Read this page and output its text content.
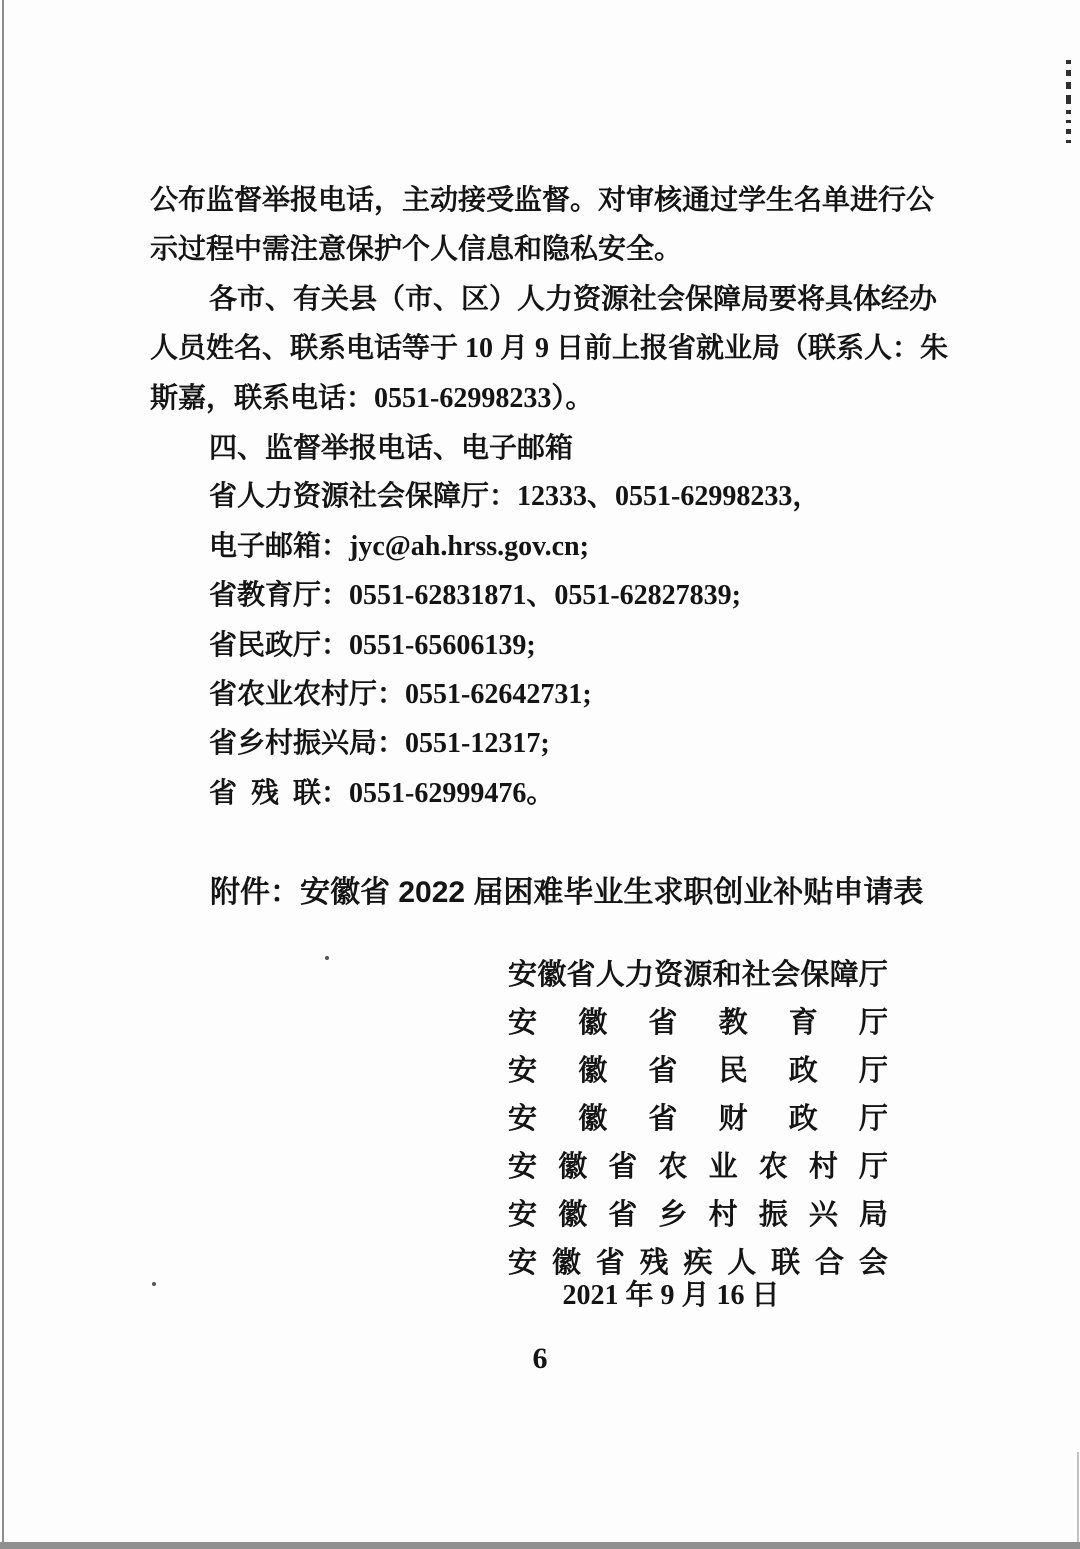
公布监督举报电话，主动接受监督。对审核通过学生名单进行公
示过程中需注意保护个人信息和隐私安全。
各市、有关县（市、区）人力资源社会保障局要将具体经办
人员姓名、联系电话等于 10 月 9 日前上报省就业局（联系人：朱
斯嘉，联系电话：0551-62998233）。
四、监督举报电话、电子邮箱
省人力资源社会保障厅：12333、0551-62998233，
电子邮箱：jyc@ah.hrss.gov.cn;
省教育厅：0551-62831871、0551-62827839;
省民政厅：0551-65606139;
省农业农村厅：0551-62642731;
省乡村振兴局：0551-12317;
省  残  联：0551-62999476。
附件：安徽省 2022 届困难毕业生求职创业补贴申请表
安 徽 省 人 力 资 源 和 社 会 保 障 厅
安 徽 省 教 育 厅
安 徽 省 民 政 厅
安 徽 省 财 政 厅
安 徽 省 农 业 农 村 厅
安 徽 省 乡 村 振 兴 局
安 徽 省 残 疾 人 联 合 会
2021 年 9 月 16 日
6
